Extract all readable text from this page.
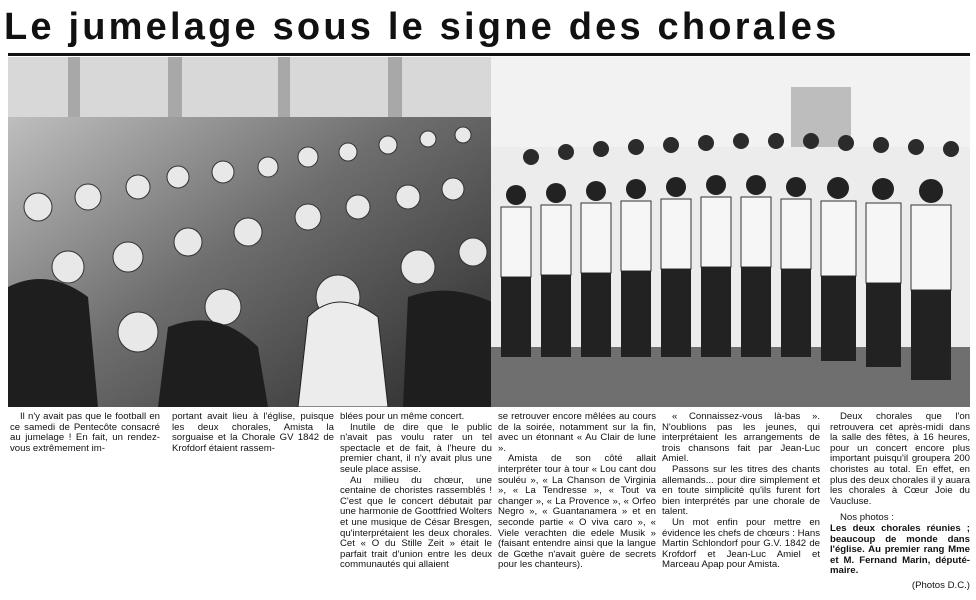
Le jumelage sous le signe des chorales

Il n'y avait pas que le football en ce samedi de Pentecôte consacré au jumelage ! En fait, un rendez-vous extrêmement im-

portant avait lieu à l'église, puisque les deux chorales, Amista la sorguaise et la Chorale GV 1842 de Krofdorf étaient rassem-

blées pour un même concert.

Inutile de dire que le public n'avait pas voulu rater un tel spectacle et de fait, à l'heure du premier chant, il n'y avait plus une seule place assise.

Au milieu du chœur, une centaine de choristes rassemblés ! C'est que le concert débutait par une harmonie de Goottfried Wolters et une musique de César Bresgen, qu'interprétaient les deux chorales. Cet « O du Stille Zeit » était le parfait trait d'union entre les deux communautés qui allaient

se retrouver encore mêlées au cours de la soirée, notamment sur la fin, avec un étonnant « Au Clair de lune ».

Amista de son côté allait interpréter tour à tour « Lou cant dou souléu », « La Chanson de Virginia », « La Tendresse », « Tout va changer », « La Provence », « Orfeo Negro », « Guantanamera » et en seconde partie « O viva caro », « Viele verachten die edele Musik » (faisant entendre ainsi que la langue de Gœthe n'avait guère de secrets pour les chanteurs).

« Connaissez-vous là-bas ». N'oublions pas les jeunes, qui interprétaient les arrangements de trois chansons fait par Jean-Luc Amiel.

Passons sur les titres des chants allemands... pour dire simplement et en toute simplicité qu'ils furent fort bien interprétés par une chorale de talent.

Un mot enfin pour mettre en évidence les chefs de chœurs : Hans Martin Schlondorf pour G.V. 1842 de Krofdorf et Jean-Luc Amiel et Marceau Apap pour Amista.

Deux chorales que l'on retrouvera cet après-midi dans la salle des fêtes, à 16 heures, pour un concert encore plus important puisqu'il groupera 200 choristes au total. En effet, en plus des deux chorales il y auara les chorales à Cœur Joie du Vaucluse.

Nos photos :

Les deux chorales réunies ; beaucoup de monde dans l'église. Au premier rang Mme et M. Fernand Marin, député-maire.

(Photos D.C.)
